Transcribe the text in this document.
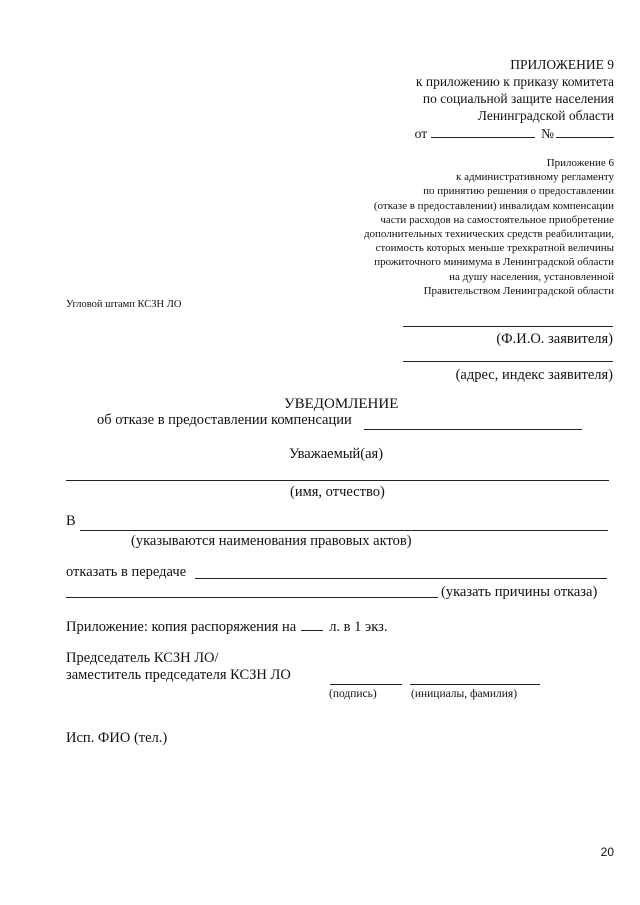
ПРИЛОЖЕНИЕ 9
к приложению к приказу комитета
по социальной защите населения
Ленинградской области
от	№
Приложение 6
к административному регламенту
по принятию решения о предоставлении
(отказе в предоставлении) инвалидам компенсации
части расходов на самостоятельное приобретение
дополнительных технических средств реабилитации,
стоимость которых меньше трехкратной величины
прожиточного минимума в Ленинградской области
на душу населения, установленной
Правительством Ленинградской области
Угловой штамп КСЗН ЛО
(Ф.И.О. заявителя)
(адрес, индекс заявителя)
УВЕДОМЛЕНИЕ
об отказе в предоставлении компенсации
Уважаемый(ая)
(имя, отчество)
В
(указываются наименования правовых актов)
отказать в передаче
(указать причины отказа)
Приложение: копия распоряжения на л. в 1 экз.
Председатель КСЗН ЛО/
заместитель председателя КСЗН ЛО
(подпись)	(инициалы, фамилия)
Исп. ФИО (тел.)
20
